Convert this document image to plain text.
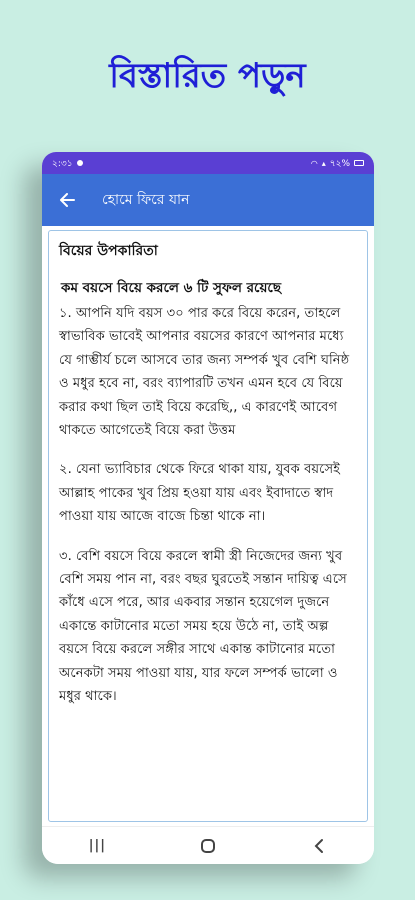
বিস্তারিত পড়ুন
২:৩১	◠ ▴ ৭২%
হোমে ফিরে যান
বিয়ের উপকারিতা
কম বয়সে বিয়ে করলে ৬ টি সুফল রয়েছে

১. আপনি যদি বয়স ৩০ পার করে বিয়ে করেন, তাহলে স্বাভাবিক ভাবেই আপনার বয়সের কারণে আপনার মধ্যে যে গাম্ভীর্য চলে আসবে তার জন্য সম্পর্ক খুব বেশি ঘনিষ্ঠ ও মধুর হবে না, বরং ব্যাপারটি তখন এমন হবে যে বিয়ে করার কথা ছিল তাই বিয়ে করেছি,, এ কারণেই আবেগ থাকতে আগেতেই বিয়ে করা উত্তম

২. যেনা ভ্যাবিচার থেকে ফিরে থাকা যায়, যুবক বয়সেই আল্লাহ পাকের খুব প্রিয় হওয়া যায় এবং ইবাদাতে স্বাদ পাওয়া যায় আজে বাজে চিন্তা থাকে না।

৩. বেশি বয়সে বিয়ে করলে স্বামী স্ত্রী নিজেদের জন্য খুব বেশি সময় পান না, বরং বছর ঘুরতেই সন্তান দায়িত্ব এসে কাঁধে এসে পরে, আর একবার সন্তান হয়েগেল দুজনে একান্তে কাটানোর মতো সময় হয়ে উঠে না, তাই অল্প বয়সে বিয়ে করলে সঙ্গীর সাথে একান্ত কাটানোর মতো অনেকটা সময় পাওয়া যায়, যার ফলে সম্পর্ক ভালো ও মধুর থাকে।

|||
